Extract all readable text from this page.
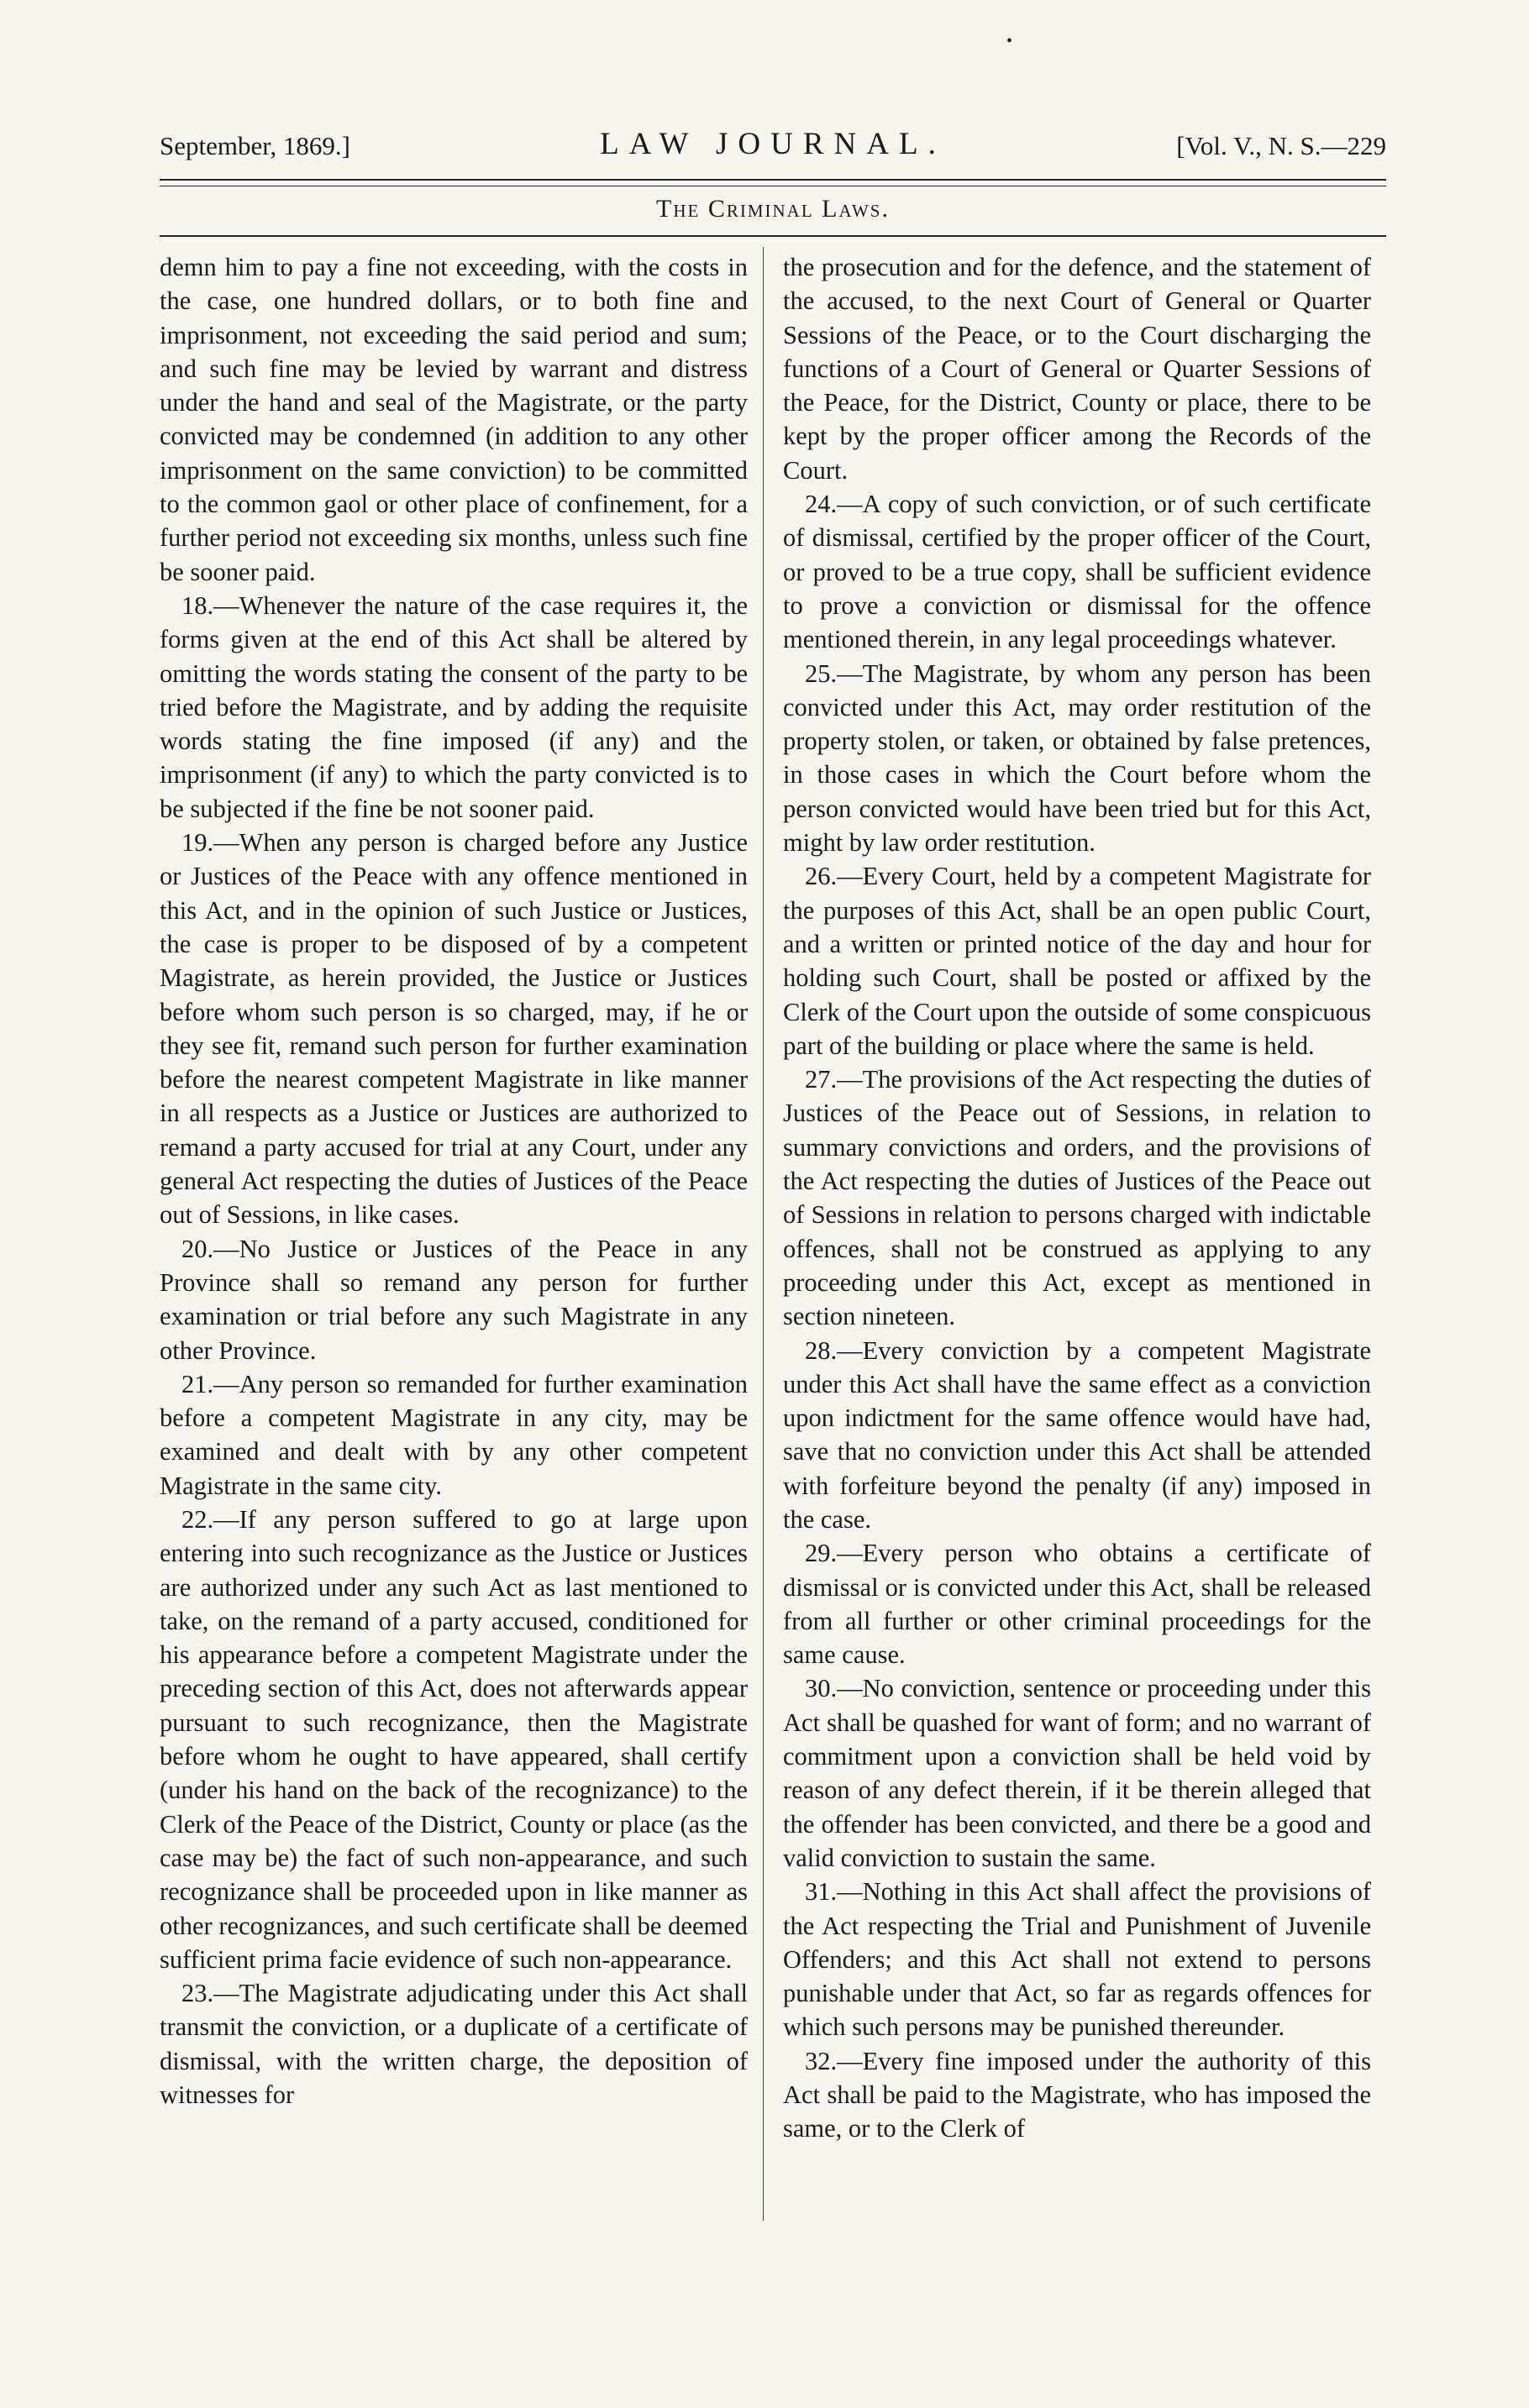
•
September, 1869.]	LAW JOURNAL.	[Vol. V., N. S.—229
The Criminal Laws.

demn him to pay a fine not exceeding, with the costs in the case, one hundred dollars, or to both fine and imprisonment, not exceeding the said period and sum; and such fine may be levied by warrant and distress under the hand and seal of the Magistrate, or the party convicted may be condemned (in addition to any other imprisonment on the same conviction) to be committed to the common gaol or other place of confinement, for a further period not exceeding six months, unless such fine be sooner paid.

18.—Whenever the nature of the case requires it, the forms given at the end of this Act shall be altered by omitting the words stating the consent of the party to be tried before the Magistrate, and by adding the requisite words stating the fine imposed (if any) and the imprisonment (if any) to which the party convicted is to be subjected if the fine be not sooner paid.

19.—When any person is charged before any Justice or Justices of the Peace with any offence mentioned in this Act, and in the opinion of such Justice or Justices, the case is proper to be disposed of by a competent Magistrate, as herein provided, the Justice or Justices before whom such person is so charged, may, if he or they see fit, remand such person for further examination before the nearest competent Magistrate in like manner in all respects as a Justice or Justices are authorized to remand a party accused for trial at any Court, under any general Act respecting the duties of Justices of the Peace out of Sessions, in like cases.

20.—No Justice or Justices of the Peace in any Province shall so remand any person for further examination or trial before any such Magistrate in any other Province.

21.—Any person so remanded for further examination before a competent Magistrate in any city, may be examined and dealt with by any other competent Magistrate in the same city.

22.—If any person suffered to go at large upon entering into such recognizance as the Justice or Justices are authorized under any such Act as last mentioned to take, on the remand of a party accused, conditioned for his appearance before a competent Magistrate under the preceding section of this Act, does not afterwards appear pursuant to such recognizance, then the Magistrate before whom he ought to have appeared, shall certify (under his hand on the back of the recognizance) to the Clerk of the Peace of the District, County or place (as the case may be) the fact of such non-appearance, and such recognizance shall be proceeded upon in like manner as other recognizances, and such certificate shall be deemed sufficient prima facie evidence of such non-appearance.

23.—The Magistrate adjudicating under this Act shall transmit the conviction, or a duplicate of a certificate of dismissal, with the written charge, the deposition of witnesses for

the prosecution and for the defence, and the statement of the accused, to the next Court of General or Quarter Sessions of the Peace, or to the Court discharging the functions of a Court of General or Quarter Sessions of the Peace, for the District, County or place, there to be kept by the proper officer among the Records of the Court.

24.—A copy of such conviction, or of such certificate of dismissal, certified by the proper officer of the Court, or proved to be a true copy, shall be sufficient evidence to prove a conviction or dismissal for the offence mentioned therein, in any legal proceedings whatever.

25.—The Magistrate, by whom any person has been convicted under this Act, may order restitution of the property stolen, or taken, or obtained by false pretences, in those cases in which the Court before whom the person convicted would have been tried but for this Act, might by law order restitution.

26.—Every Court, held by a competent Magistrate for the purposes of this Act, shall be an open public Court, and a written or printed notice of the day and hour for holding such Court, shall be posted or affixed by the Clerk of the Court upon the outside of some conspicuous part of the building or place where the same is held.

27.—The provisions of the Act respecting the duties of Justices of the Peace out of Sessions, in relation to summary convictions and orders, and the provisions of the Act respecting the duties of Justices of the Peace out of Sessions in relation to persons charged with indictable offences, shall not be construed as applying to any proceeding under this Act, except as mentioned in section nineteen.

28.—Every conviction by a competent Magistrate under this Act shall have the same effect as a conviction upon indictment for the same offence would have had, save that no conviction under this Act shall be attended with forfeiture beyond the penalty (if any) imposed in the case.

29.—Every person who obtains a certificate of dismissal or is convicted under this Act, shall be released from all further or other criminal proceedings for the same cause.

30.—No conviction, sentence or proceeding under this Act shall be quashed for want of form; and no warrant of commitment upon a conviction shall be held void by reason of any defect therein, if it be therein alleged that the offender has been convicted, and there be a good and valid conviction to sustain the same.

31.—Nothing in this Act shall affect the provisions of the Act respecting the Trial and Punishment of Juvenile Offenders; and this Act shall not extend to persons punishable under that Act, so far as regards offences for which such persons may be punished thereunder.

32.—Every fine imposed under the authority of this Act shall be paid to the Magistrate, who has imposed the same, or to the Clerk of
